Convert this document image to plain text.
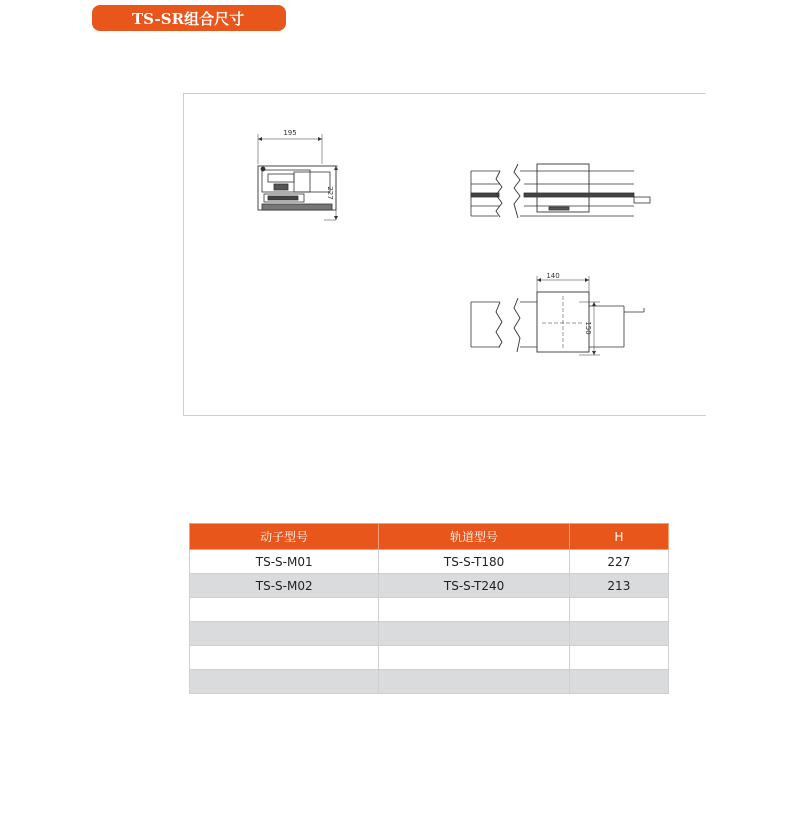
TS-SR组合尺寸
195
227
140
150
动子型号	轨道型号	H
TS-S-M01	TS-S-T180	227
TS-S-M02	TS-S-T240	213
